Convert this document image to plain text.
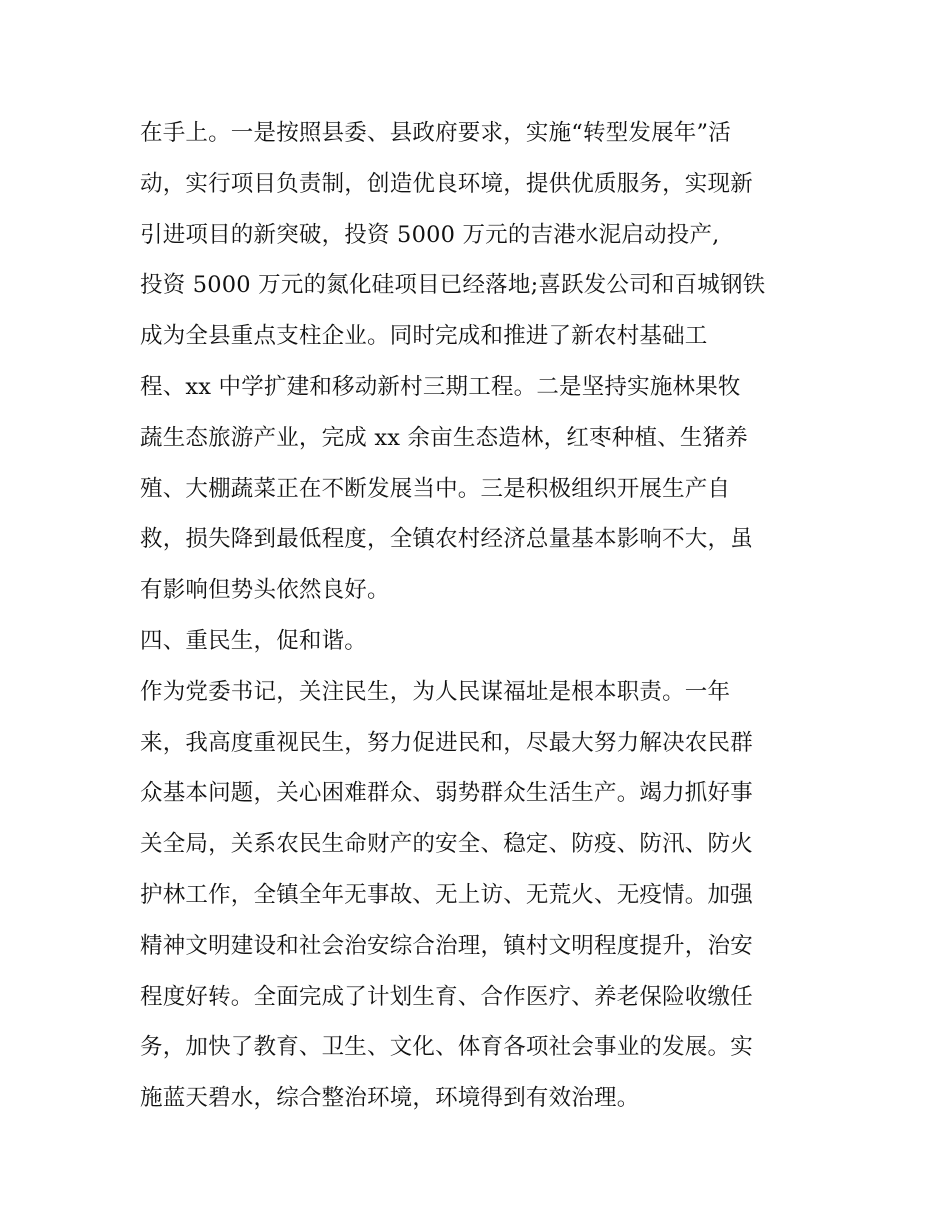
在手上。一是按照县委、县政府要求，实施“转型发展年”活
动，实行项目负责制，创造优良环境，提供优质服务，实现新
引进项目的新突破，投资 5000 万元的吉港水泥启动投产,
投资 5000 万元的氮化硅项目已经落地;喜跃发公司和百城钢铁
成为全县重点支柱企业。同时完成和推进了新农村基础工
程、xx 中学扩建和移动新村三期工程。二是坚持实施林果牧
蔬生态旅游产业，完成 xx 余亩生态造林，红枣种植、生猪养
殖、大棚蔬菜正在不断发展当中。三是积极组织开展生产自
救，损失降到最低程度，全镇农村经济总量基本影响不大，虽
有影响但势头依然良好。
四、重民生，促和谐。
作为党委书记，关注民生，为人民谋福址是根本职责。一年
来，我高度重视民生，努力促进民和，尽最大努力解决农民群
众基本问题，关心困难群众、弱势群众生活生产。竭力抓好事
关全局，关系农民生命财产的安全、稳定、防疫、防汛、防火
护林工作，全镇全年无事故、无上访、无荒火、无疫情。加强
精神文明建设和社会治安综合治理，镇村文明程度提升，治安
程度好转。全面完成了计划生育、合作医疗、养老保险收缴任
务，加快了教育、卫生、文化、体育各项社会事业的发展。实
施蓝天碧水，综合整治环境，环境得到有效治理。
